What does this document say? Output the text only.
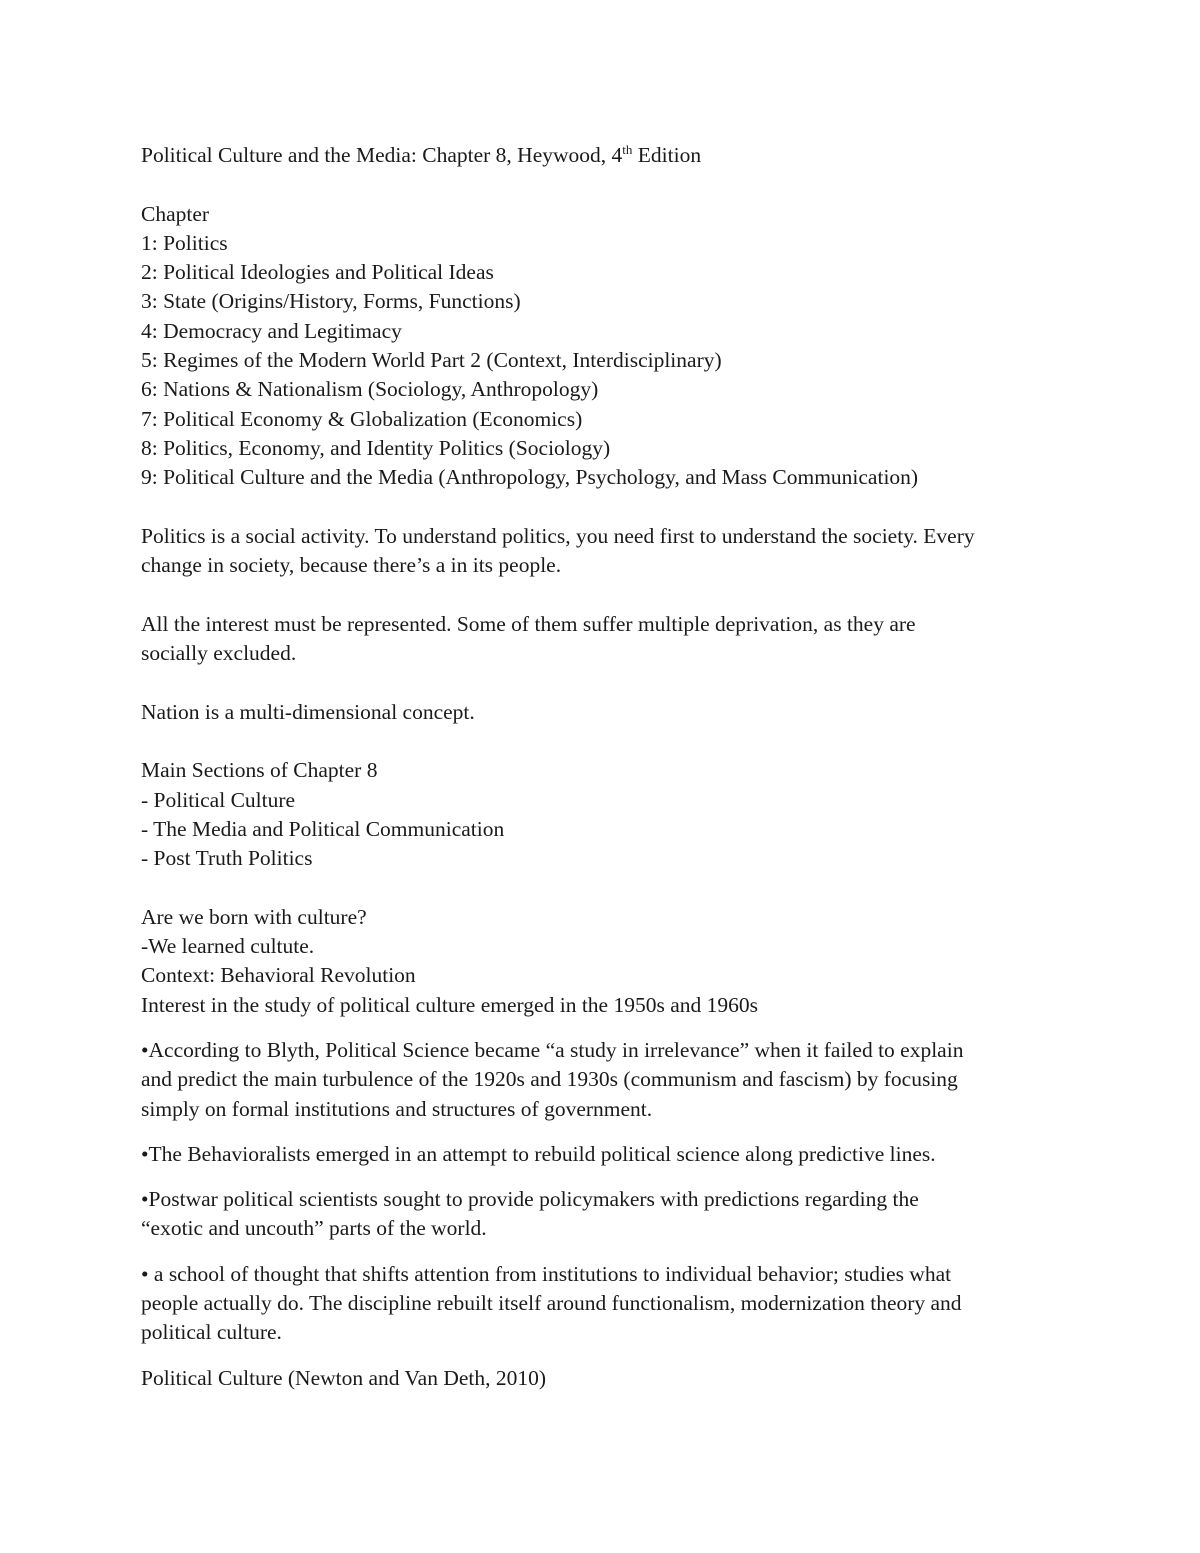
Political Culture and the Media: Chapter 8, Heywood, 4th Edition

Chapter

1: Politics

2: Political Ideologies and Political Ideas

3: State (Origins/History, Forms, Functions)

4: Democracy and Legitimacy

5: Regimes of the Modern World Part 2 (Context, Interdisciplinary)

6: Nations & Nationalism (Sociology, Anthropology)

7: Political Economy & Globalization (Economics)

8: Politics, Economy, and Identity Politics (Sociology)

9: Political Culture and the Media (Anthropology, Psychology, and Mass Communication)

Politics is a social activity. To understand politics, you need first to understand the society. Every

change in society, because there’s a in its people.

All the interest must be represented. Some of them suffer multiple deprivation, as they are

socially excluded.

Nation is a multi-dimensional concept.

Main Sections of Chapter 8

- Political Culture

- The Media and Political Communication

- Post Truth Politics

Are we born with culture?

-We learned cultute.

Context: Behavioral Revolution

Interest in the study of political culture emerged in the 1950s and 1960s

•According to Blyth, Political Science became “a study in irrelevance” when it failed to explain

and predict the main turbulence of the 1920s and 1930s (communism and fascism) by focusing

simply on formal institutions and structures of government.

•The Behavioralists emerged in an attempt to rebuild political science along predictive lines.

•Postwar political scientists sought to provide policymakers with predictions regarding the

“exotic and uncouth” parts of the world.

• a school of thought that shifts attention from institutions to individual behavior; studies what

people actually do. The discipline rebuilt itself around functionalism, modernization theory and

political culture.

Political Culture (Newton and Van Deth, 2010)
